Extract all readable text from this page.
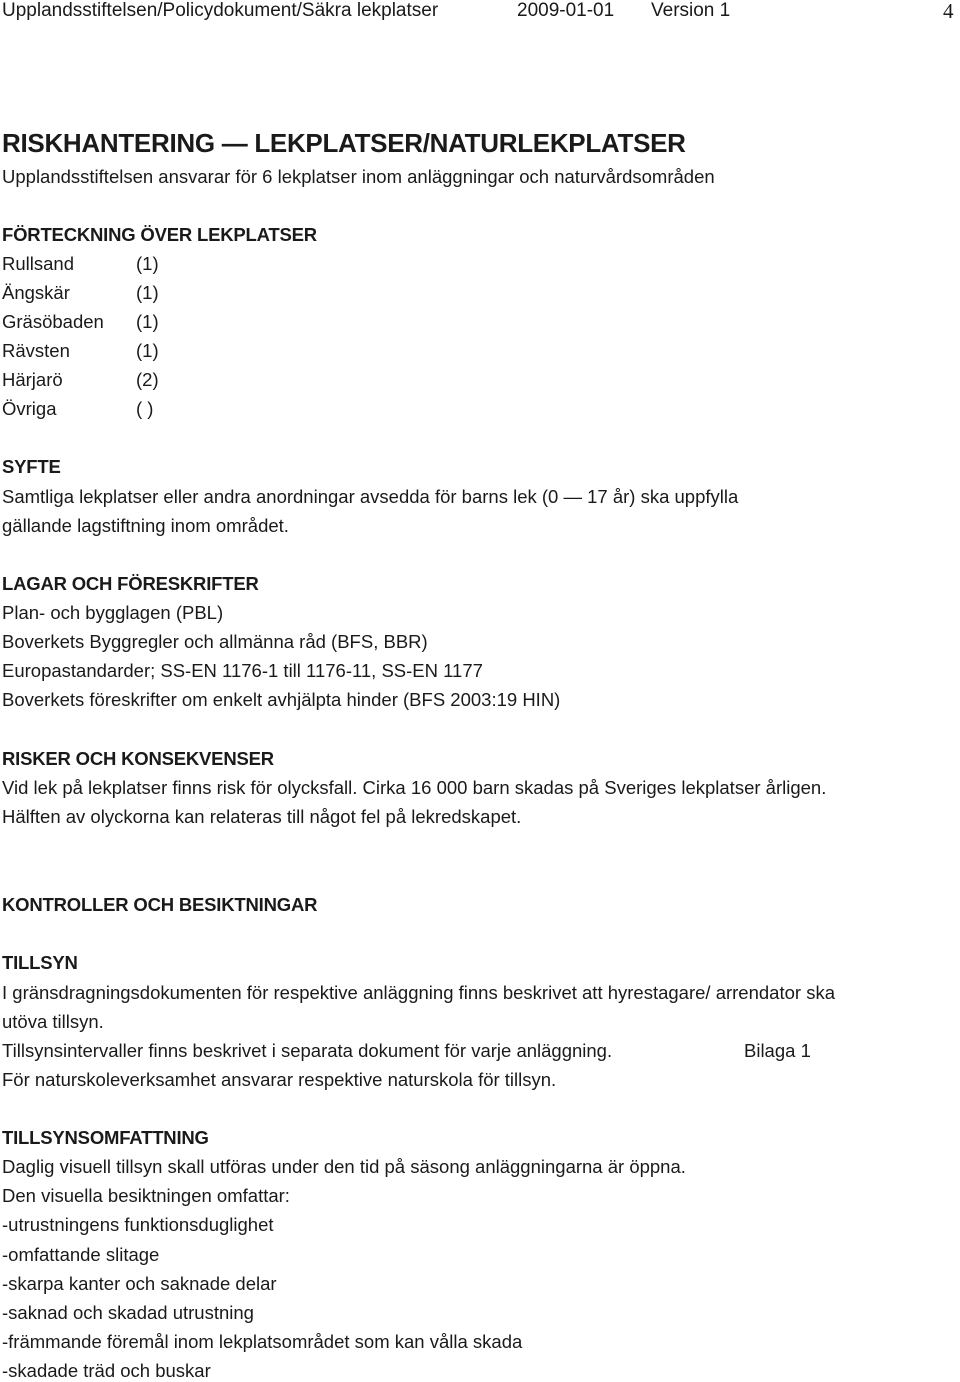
Upplandsstiftelsen/Policydokument/Säkra lekplatser	2009-01-01 Version 1	4
RISKHANTERING — LEKPLATSER/NATURLEKPLATSER
Upplandsstiftelsen ansvarar för 6 lekplatser inom anläggningar och naturvårdsområden
FÖRTECKNING ÖVER LEKPLATSER
Rullsand	(1)
Ängskär	(1)
Gräsöbaden (1)
Rävsten	(1)
Härjarö	(2)
Övriga	( )
SYFTE
Samtliga lekplatser eller andra anordningar avsedda för barns lek (0 — 17 år) ska uppfylla
gällande lagstiftning inom området.
LAGAR OCH FÖRESKRIFTER
Plan- och bygglagen (PBL)
Boverkets Byggregler och allmänna råd (BFS, BBR)
Europastandarder; SS-EN 1176-1 till 1176-11, SS-EN 1177
Boverkets föreskrifter om enkelt avhjälpta hinder (BFS 2003:19 HIN)
RISKER OCH KONSEKVENSER
Vid lek på lekplatser finns risk för olycksfall. Cirka 16 000 barn skadas på Sveriges lekplatser årligen.
Hälften av olyckorna kan relateras till något fel på lekredskapet.
KONTROLLER OCH BESIKTNINGAR
TILLSYN
I gränsdragningsdokumenten för respektive anläggning finns beskrivet att hyrestagare/ arrendator ska
utöva tillsyn.
Tillsynsintervaller finns beskrivet i separata dokument för varje anläggning.	Bilaga 1
För naturskoleverksamhet ansvarar respektive naturskola för tillsyn.
TILLSYNSOMFATTNING
Daglig visuell tillsyn skall utföras under den tid på säsong anläggningarna är öppna.
Den visuella besiktningen omfattar:
-utrustningens funktionsduglighet
-omfattande slitage
-skarpa kanter och saknade delar
-saknad och skadad utrustning
-främmande föremål inom lekplatsområdet som kan vålla skada
-skadade träd och buskar
